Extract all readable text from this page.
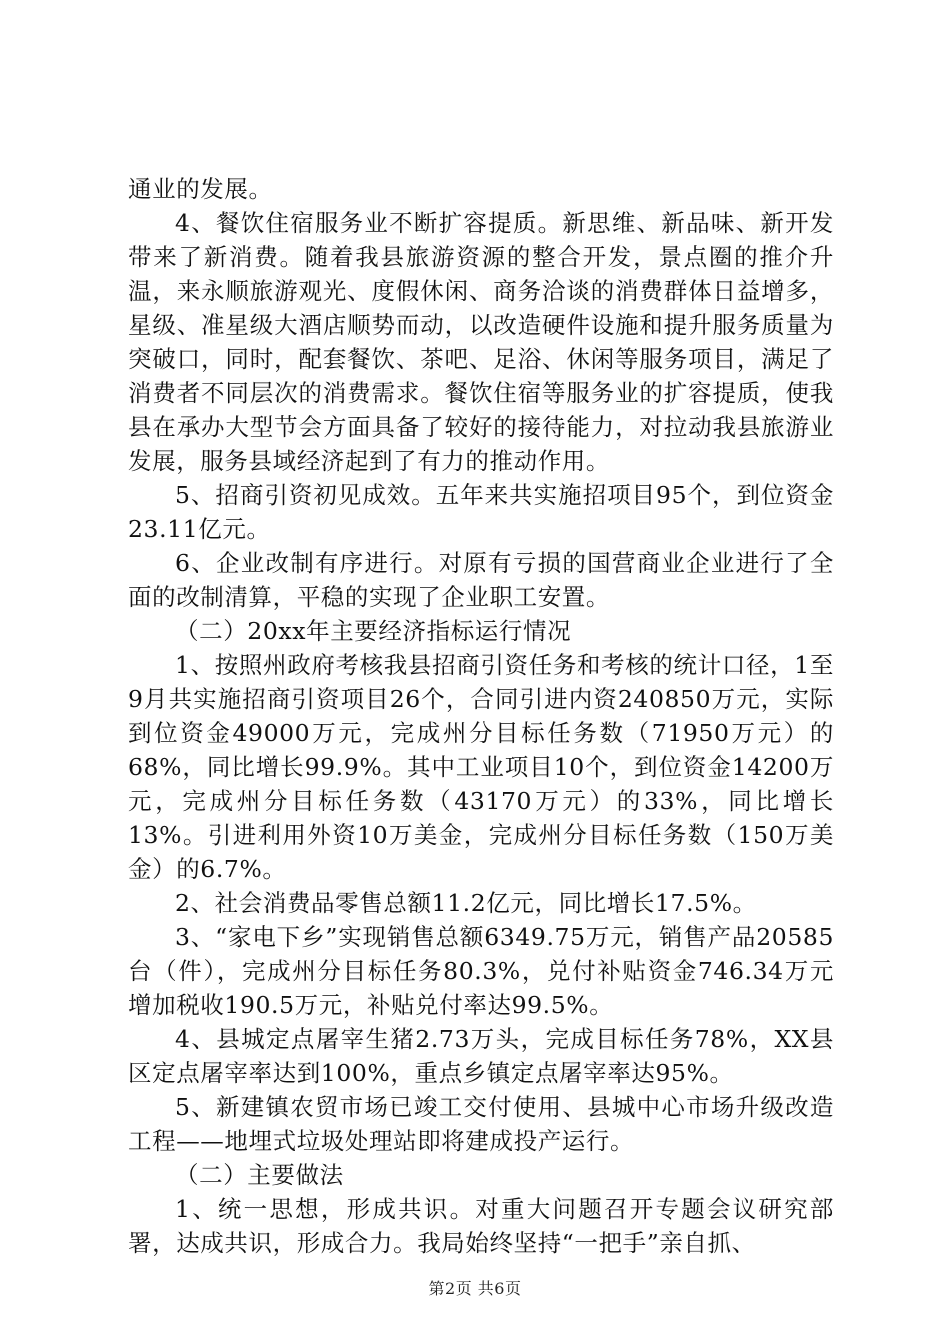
通业的发展。

4、餐饮住宿服务业不断扩容提质。新思维、新品味、新开发带来了新消费。随着我县旅游资源的整合开发，景点圈的推介升温，来永顺旅游观光、度假休闲、商务洽谈的消费群体日益增多，星级、准星级大酒店顺势而动，以改造硬件设施和提升服务质量为突破口，同时，配套餐饮、茶吧、足浴、休闲等服务项目，满足了消费者不同层次的消费需求。餐饮住宿等服务业的扩容提质，使我县在承办大型节会方面具备了较好的接待能力，对拉动我县旅游业发展，服务县域经济起到了有力的推动作用。

5、招商引资初见成效。五年来共实施招项目95个，到位资金23.11亿元。

6、企业改制有序进行。对原有亏损的国营商业企业进行了全面的改制清算，平稳的实现了企业职工安置。

（二）20xx年主要经济指标运行情况

1、按照州政府考核我县招商引资任务和考核的统计口径，1至9月共实施招商引资项目26个，合同引进内资240850万元，实际到位资金49000万元，完成州分目标任务数（71950万元）的68%，同比增长99.9%。其中工业项目10个，到位资金14200万元，完成州分目标任务数（43170万元）的33%，同比增长13%。引进利用外资10万美金，完成州分目标任务数（150万美金）的6.7%。

2、社会消费品零售总额11.2亿元，同比增长17.5%。

3、“家电下乡”实现销售总额6349.75万元，销售产品20585台（件），完成州分目标任务80.3%，兑付补贴资金746.34万元增加税收190.5万元，补贴兑付率达99.5%。

4、县城定点屠宰生猪2.73万头，完成目标任务78%，XX县区定点屠宰率达到100%，重点乡镇定点屠宰率达95%。

5、新建镇农贸市场已竣工交付使用、县城中心市场升级改造工程——地埋式垃圾处理站即将建成投产运行。

（二）主要做法

1、统一思想，形成共识。对重大问题召开专题会议研究部署，达成共识，形成合力。我局始终坚持“一把手”亲自抓、

第2页 共6页
